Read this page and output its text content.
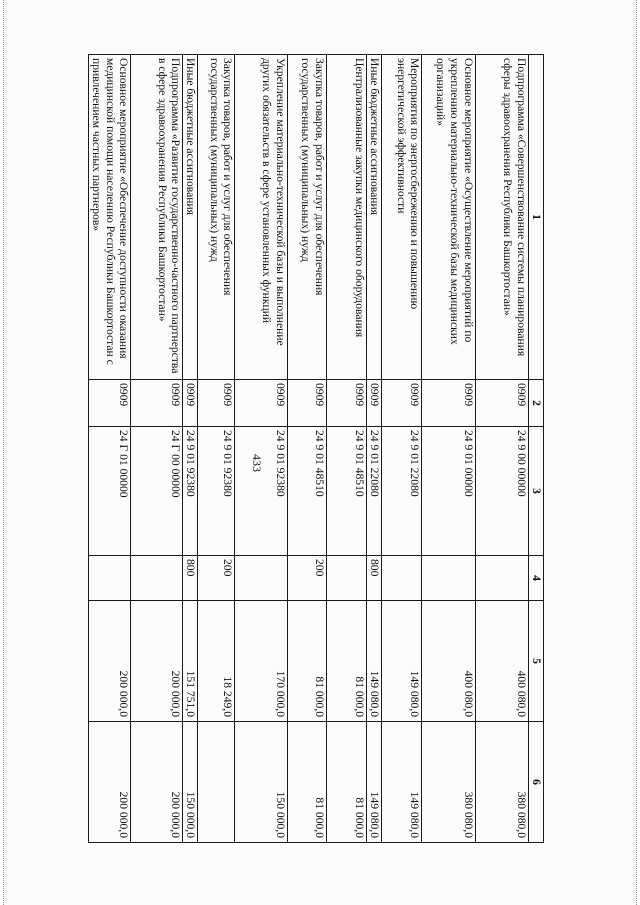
433
1	2	3	4	5	6
Подпрограмма «Совершенствование системы планирования сферы здравоохранения Республики Башкортостан»	0909	24 9 00 00000		400 080,0	380 080,0
Основное мероприятие «Осуществление мероприятий по укреплению материально-технической базы медицинских организаций»	0909	24 9 01 00000		400 080,0	380 080,0
Мероприятия по энергосбережению и повышению энергетической эффективности	0909	24 9 01 22080		149 080,0	149 080,0
Иные бюджетные ассигнования	0909	24 9 01 22080	800	149 080,0	149 080,0
Централизованные закупки медицинского оборудования	0909	24 9 01 48510		81 000,0	81 000,0
Закупка товаров, работ и услуг для обеспечения государственных (муниципальных) нужд	0909	24 9 01 48510	200	81 000,0	81 000,0
Укрепление материально-технической базы и выполнение других обязательств в сфере установленных функций	0909	24 9 01 92380		170 000,0	150 000,0
Закупка товаров, работ и услуг для обеспечения государственных (муниципальных) нужд	0909	24 9 01 92380	200	18 249,0	
Иные бюджетные ассигнования	0909	24 9 01 92380	800	151 751,0	150 000,0
Подпрограмма «Развитие государственно-частного партнерства в сфере здравоохранения Республики Башкортостан»	0909	24 Г 00 00000		200 000,0	200 000,0
Основное мероприятие «Обеспечение доступности оказания медицинской помощи населению Республики Башкортостан с привлечением частных партнеров»	0909	24 Г 01 00000		200 000,0	200 000,0
